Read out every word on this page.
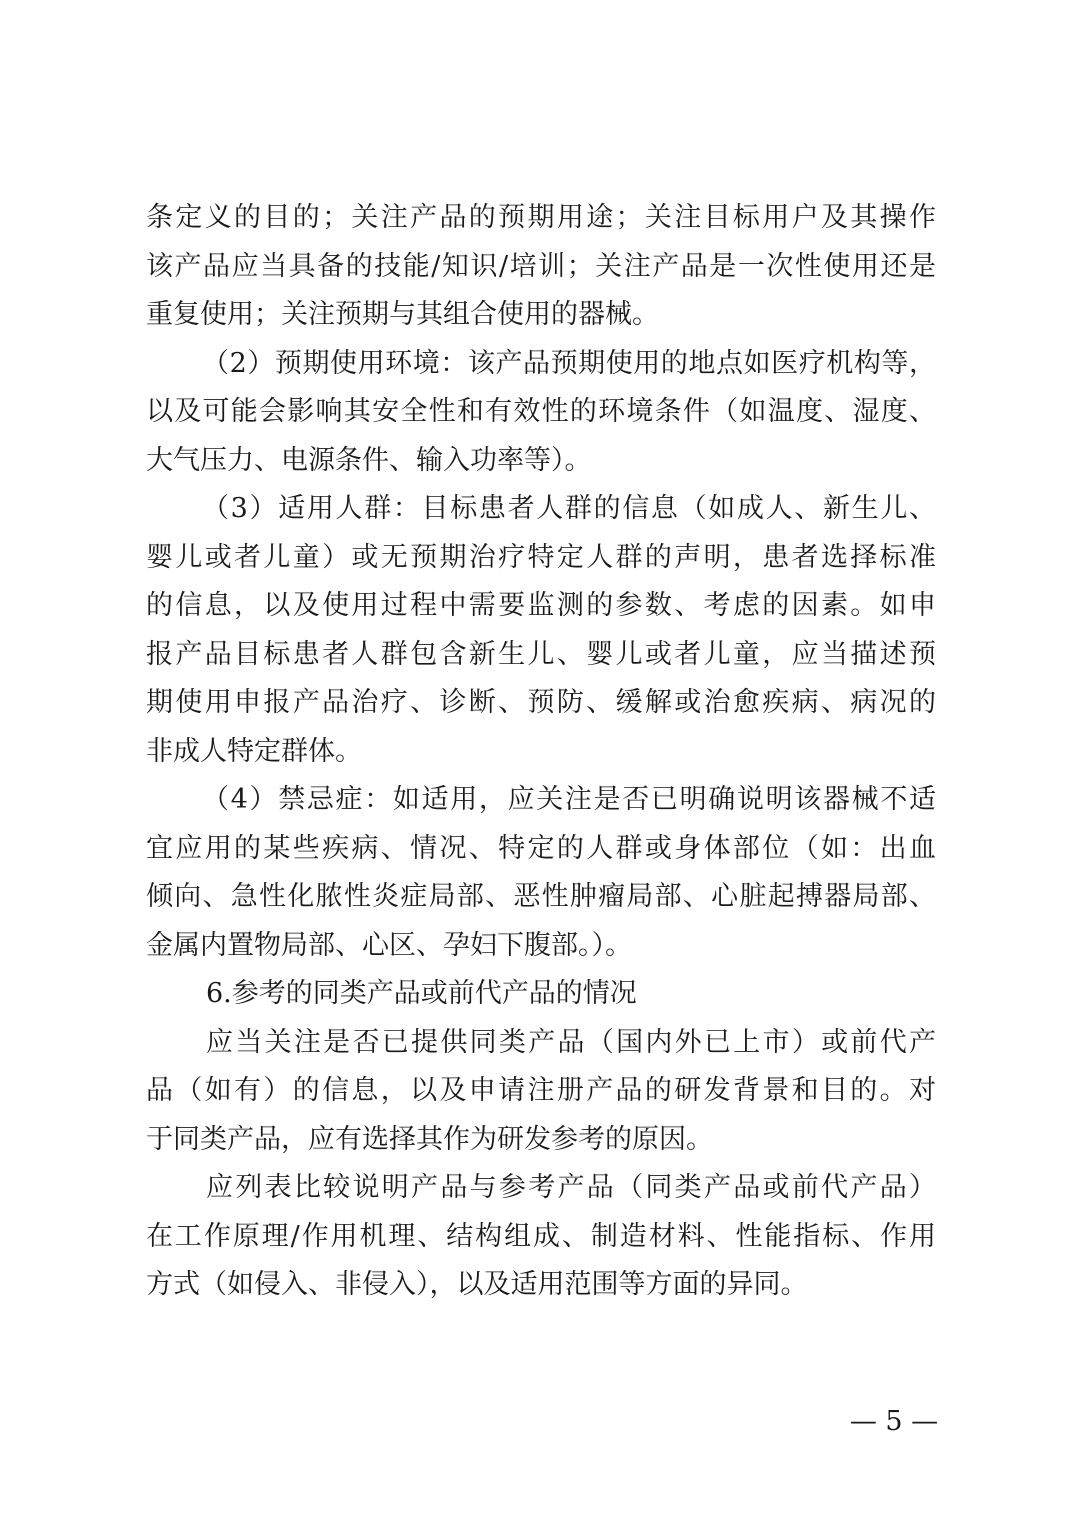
条定义的目的；关注产品的预期用途；关注目标用户及其操作
该产品应当具备的技能/知识/培训；关注产品是一次性使用还是
重复使用；关注预期与其组合使用的器械。
（2）预期使用环境：该产品预期使用的地点如医疗机构等，
以及可能会影响其安全性和有效性的环境条件（如温度、湿度、
大气压力、电源条件、输入功率等）。
（3）适用人群：目标患者人群的信息（如成人、新生儿、
婴儿或者儿童）或无预期治疗特定人群的声明，患者选择标准
的信息，以及使用过程中需要监测的参数、考虑的因素。如申
报产品目标患者人群包含新生儿、婴儿或者儿童，应当描述预
期使用申报产品治疗、诊断、预防、缓解或治愈疾病、病况的
非成人特定群体。
（4）禁忌症：如适用，应关注是否已明确说明该器械不适
宜应用的某些疾病、情况、特定的人群或身体部位（如：出血
倾向、急性化脓性炎症局部、恶性肿瘤局部、心脏起搏器局部、
金属内置物局部、心区、孕妇下腹部。）。
6.参考的同类产品或前代产品的情况
应当关注是否已提供同类产品（国内外已上市）或前代产
品（如有）的信息，以及申请注册产品的研发背景和目的。对
于同类产品，应有选择其作为研发参考的原因。
应列表比较说明产品与参考产品（同类产品或前代产品）
在工作原理/作用机理、结构组成、制造材料、性能指标、作用
方式（如侵入、非侵入），以及适用范围等方面的异同。
— 5 —
